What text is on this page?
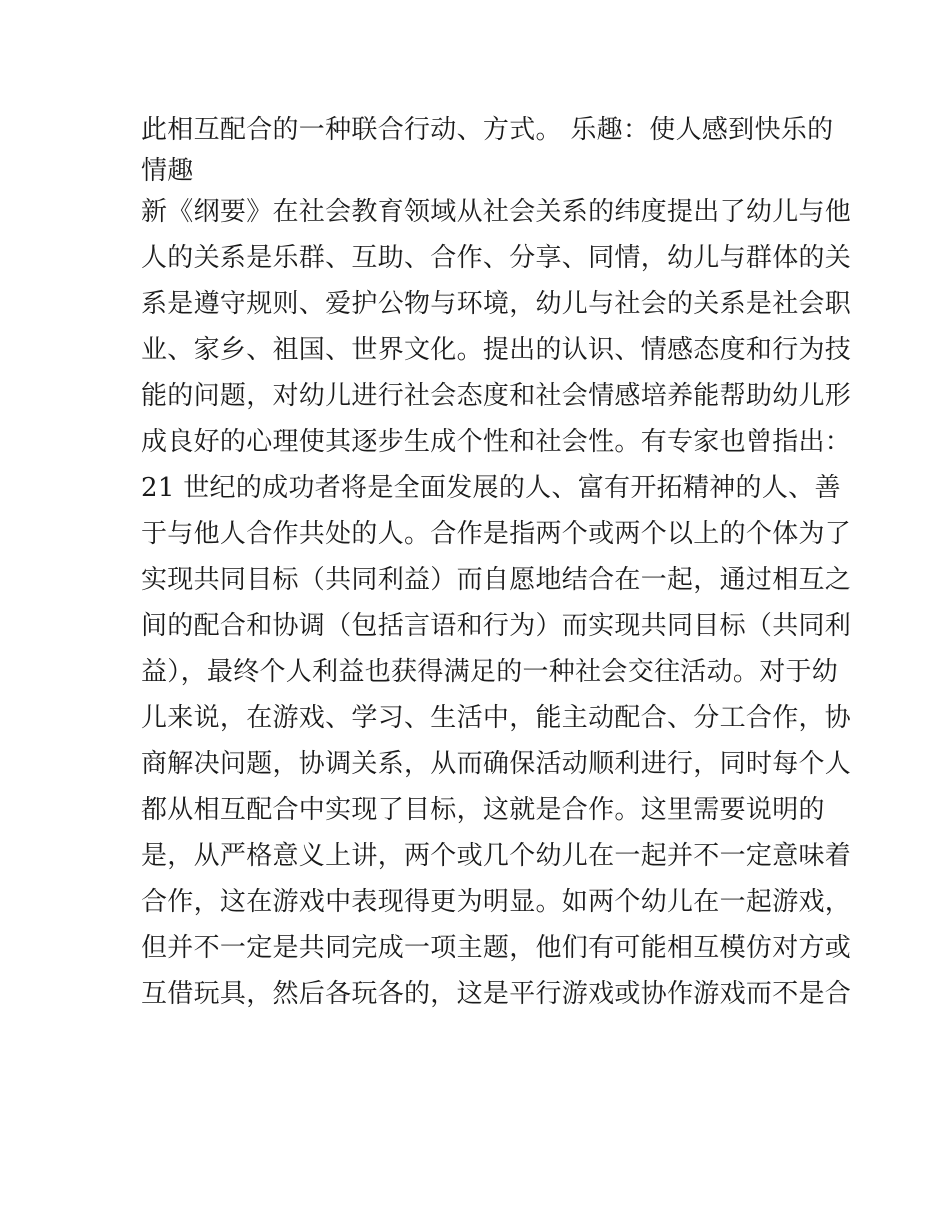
此相互配合的一种联合行动、方式。 乐趣：使人感到快乐的
情趣
新《纲要》在社会教育领域从社会关系的纬度提出了幼儿与他
人的关系是乐群、互助、合作、分享、同情，幼儿与群体的关
系是遵守规则、爱护公物与环境，幼儿与社会的关系是社会职
业、家乡、祖国、世界文化。提出的认识、情感态度和行为技
能的问题，对幼儿进行社会态度和社会情感培养能帮助幼儿形
成良好的心理使其逐步生成个性和社会性。有专家也曾指出：
21 世纪的成功者将是全面发展的人、富有开拓精神的人、善
于与他人合作共处的人。合作是指两个或两个以上的个体为了
实现共同目标（共同利益）而自愿地结合在一起，通过相互之
间的配合和协调（包括言语和行为）而实现共同目标（共同利
益），最终个人利益也获得满足的一种社会交往活动。对于幼
儿来说，在游戏、学习、生活中，能主动配合、分工合作，协
商解决问题，协调关系，从而确保活动顺利进行，同时每个人
都从相互配合中实现了目标，这就是合作。这里需要说明的
是，从严格意义上讲，两个或几个幼儿在一起并不一定意味着
合作，这在游戏中表现得更为明显。如两个幼儿在一起游戏，
但并不一定是共同完成一项主题，他们有可能相互模仿对方或
互借玩具，然后各玩各的，这是平行游戏或协作游戏而不是合
